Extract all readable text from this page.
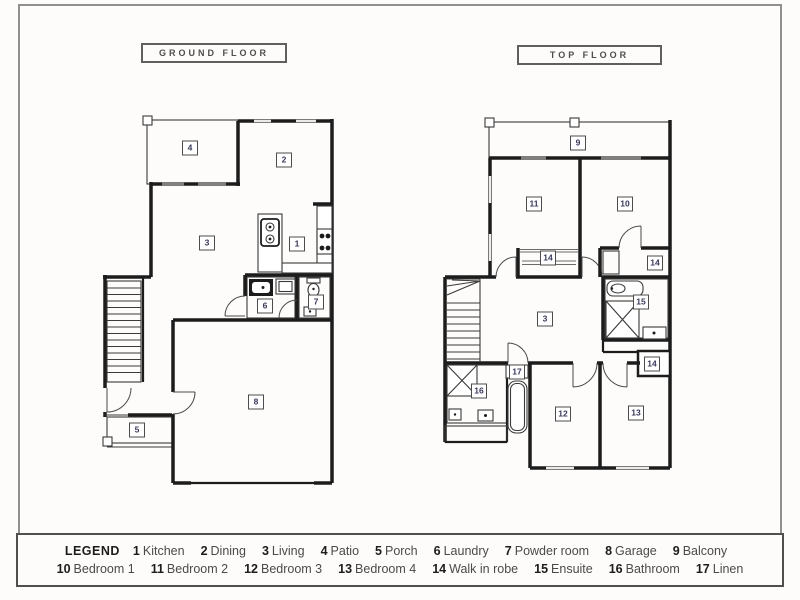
GROUND FLOOR	TOP FLOOR
4
2
3	1
6	7
8
5
9
11	10
14	14
15
3
14
17
16
12	13
LEGEND 1 Kitchen 2 Dining 3 Living 4 Patio 5 Porch 6 Laundry 7 Powder room 8 Garage 9 Balcony
10 Bedroom 1 11 Bedroom 2 12 Bedroom 3 13 Bedroom 4 14 Walk in robe 15 Ensuite 16 Bathroom 17 Linen
